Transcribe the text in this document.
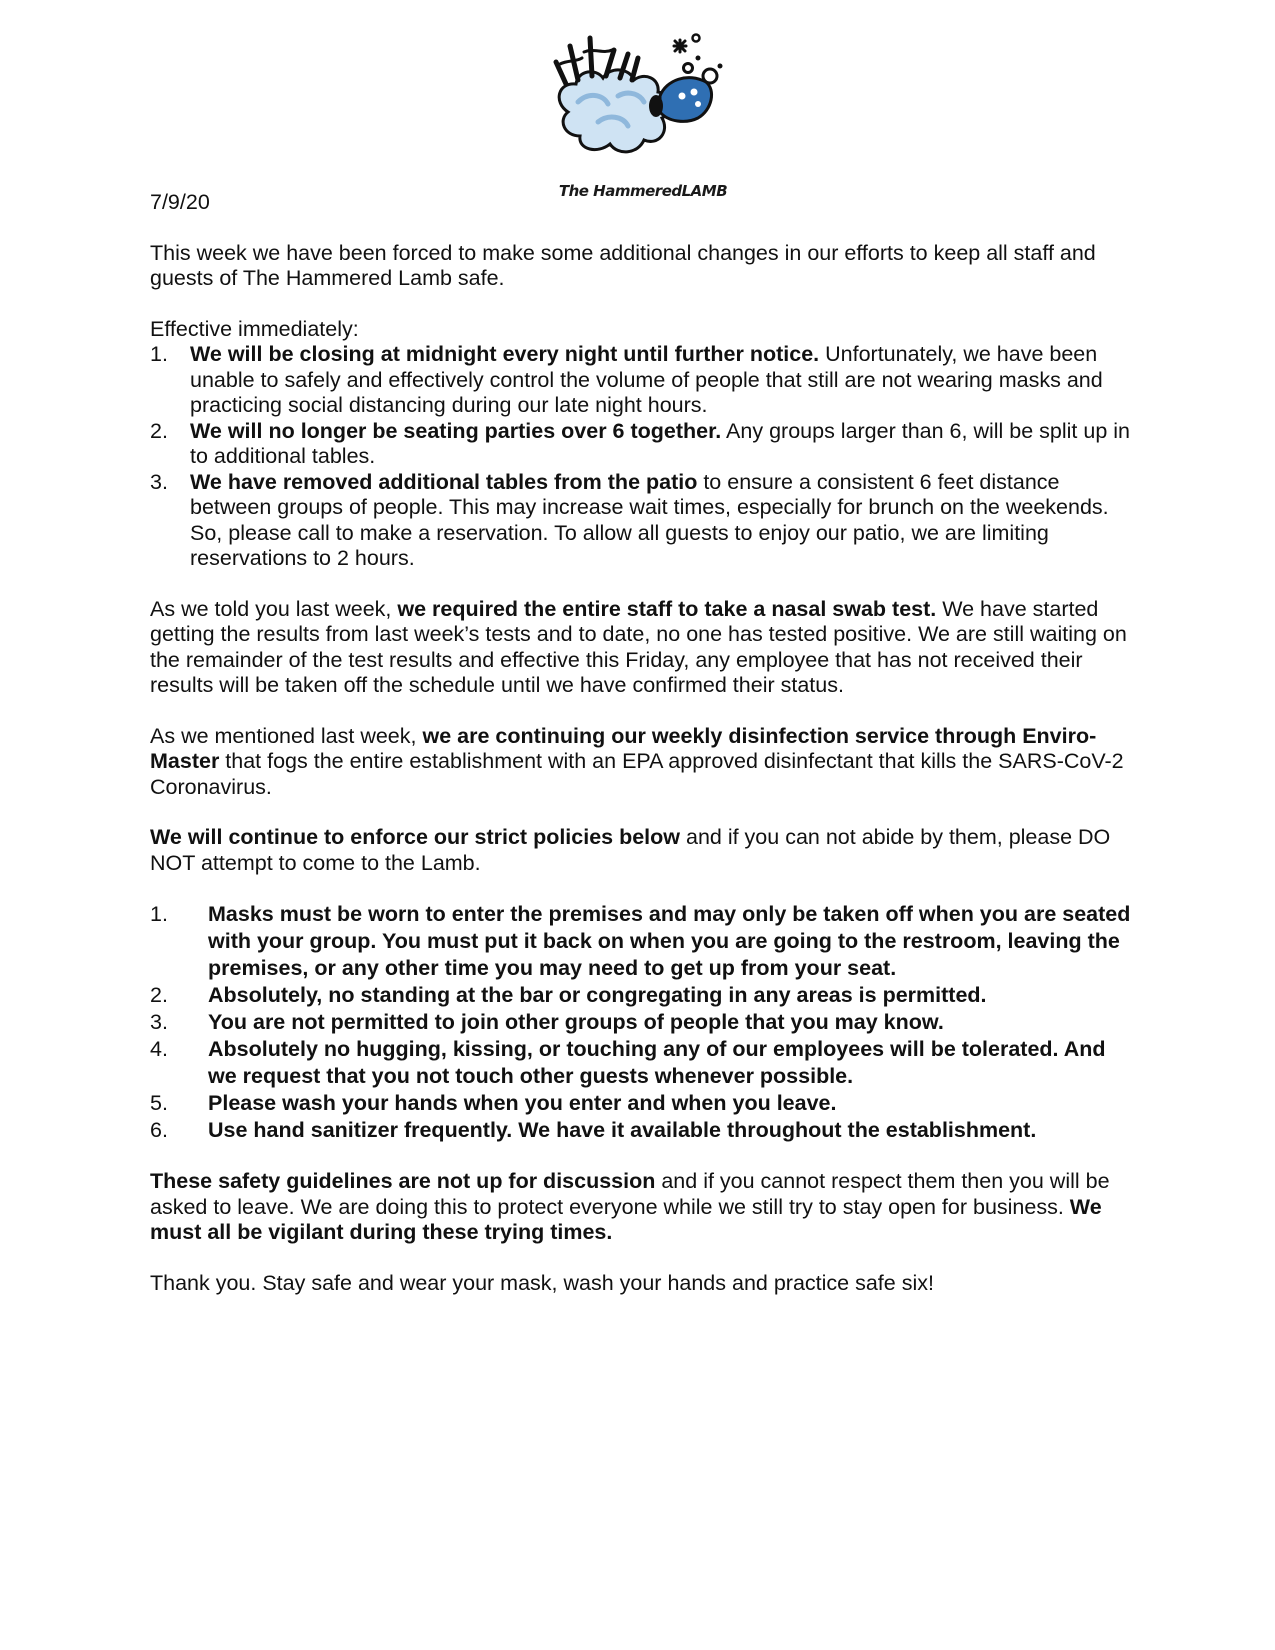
The HammeredLAMB

7/9/20

This week we have been forced to make some additional changes in our efforts to keep all staff and guests of The Hammered Lamb safe.

Effective immediately:

1. We will be closing at midnight every night until further notice. Unfortunately, we have been unable to safely and effectively control the volume of people that still are not wearing masks and practicing social distancing during our late night hours.
2. We will no longer be seating parties over 6 together. Any groups larger than 6, will be split up in to additional tables.
3. We have removed additional tables from the patio to ensure a consistent 6 feet distance between groups of people. This may increase wait times, especially for brunch on the weekends. So, please call to make a reservation. To allow all guests to enjoy our patio, we are limiting reservations to 2 hours.

As we told you last week, we required the entire staff to take a nasal swab test. We have started getting the results from last week’s tests and to date, no one has tested positive. We are still waiting on the remainder of the test results and effective this Friday, any employee that has not received their results will be taken off the schedule until we have confirmed their status.

As we mentioned last week, we are continuing our weekly disinfection service through Enviro-Master that fogs the entire establishment with an EPA approved disinfectant that kills the SARS-CoV-2 Coronavirus.

We will continue to enforce our strict policies below and if you can not abide by them, please DO NOT attempt to come to the Lamb.

1. Masks must be worn to enter the premises and may only be taken off when you are seated with your group. You must put it back on when you are going to the restroom, leaving the premises, or any other time you may need to get up from your seat.
2. Absolutely, no standing at the bar or congregating in any areas is permitted.
3. You are not permitted to join other groups of people that you may know.
4. Absolutely no hugging, kissing, or touching any of our employees will be tolerated. And we request that you not touch other guests whenever possible.
5. Please wash your hands when you enter and when you leave.
6. Use hand sanitizer frequently. We have it available throughout the establishment.

These safety guidelines are not up for discussion and if you cannot respect them then you will be asked to leave. We are doing this to protect everyone while we still try to stay open for business. We must all be vigilant during these trying times.

Thank you. Stay safe and wear your mask, wash your hands and practice safe six!
